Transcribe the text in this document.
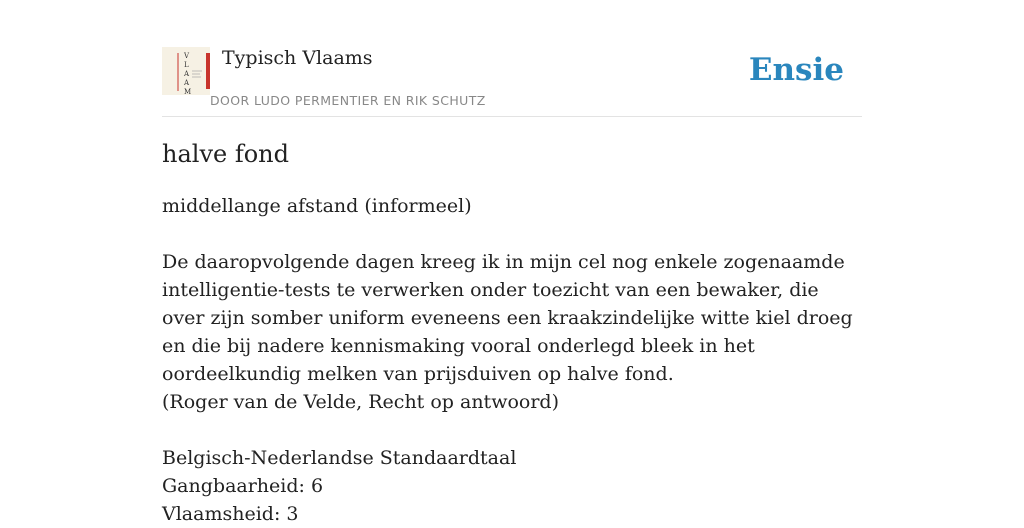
V
L
A
A
M
Typisch Vlaams
DOOR LUDO PERMENTIER EN RIK SCHUTZ
Ensie
halve fond

middellange afstand (informeel)

De daaropvolgende dagen kreeg ik in mijn cel nog enkele zogenaamde intelligentie-tests te verwerken onder toezicht van een bewaker, die over zijn somber uniform eveneens een kraakzindelijke witte kiel droeg en die bij nadere kennismaking vooral onderlegd bleek in het oordeelkundig melken van prijsduiven op halve fond.

(Roger van de Velde, Recht op antwoord)

Belgisch-Nederlandse Standaardtaal

Gangbaarheid: 6

Vlaamsheid: 3
